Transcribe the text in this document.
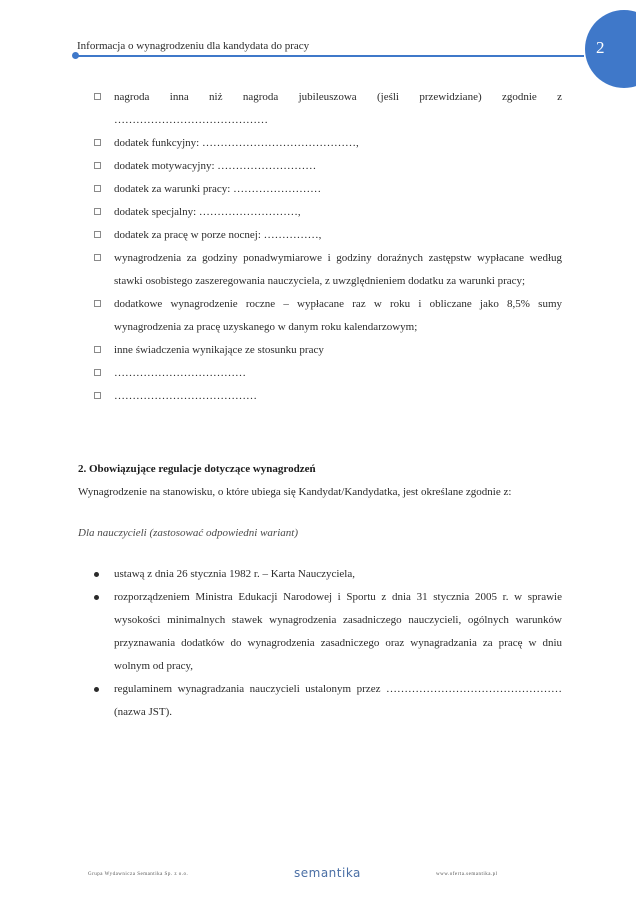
Informacja o wynagrodzeniu dla kandydata do pracy	2
nagroda inna niż nagroda jubileuszowa (jeśli przewidziane) zgodnie z ……………………………………
dodatek funkcyjny: ……………………………………,
dodatek motywacyjny: ………………………
dodatek za warunki pracy: ……………………
dodatek specjalny: ………………………,
dodatek za pracę w porze nocnej: ……………,
wynagrodzenia za godziny ponadwymiarowe i godziny doraźnych zastępstw wypłacane według stawki osobistego zaszeregowania nauczyciela, z uwzględnieniem dodatku za warunki pracy;
dodatkowe wynagrodzenie roczne – wypłacane raz w roku i obliczane jako 8,5% sumy wynagrodzenia za pracę uzyskanego w danym roku kalendarzowym;
inne świadczenia wynikające ze stosunku pracy
………………………………
…………………………………
2. Obowiązujące regulacje dotyczące wynagrodzeń
Wynagrodzenie na stanowisku, o które ubiega się Kandydat/Kandydatka, jest określane zgodnie z:
Dla nauczycieli (zastosować odpowiedni wariant)
ustawą z dnia 26 stycznia 1982 r. – Karta Nauczyciela,
rozporządzeniem Ministra Edukacji Narodowej i Sportu z dnia 31 stycznia 2005 r. w sprawie wysokości minimalnych stawek wynagrodzenia zasadniczego nauczycieli, ogólnych warunków przyznawania dodatków do wynagrodzenia zasadniczego oraz wynagradzania za pracę w dniu wolnym od pracy,
regulaminem wynagradzania nauczycieli ustalonym przez ………………………………………… (nazwa JST).
Grupa Wydawnicza Semantika Sp. z o.o.	semantika	www.oferta.semantika.pl
